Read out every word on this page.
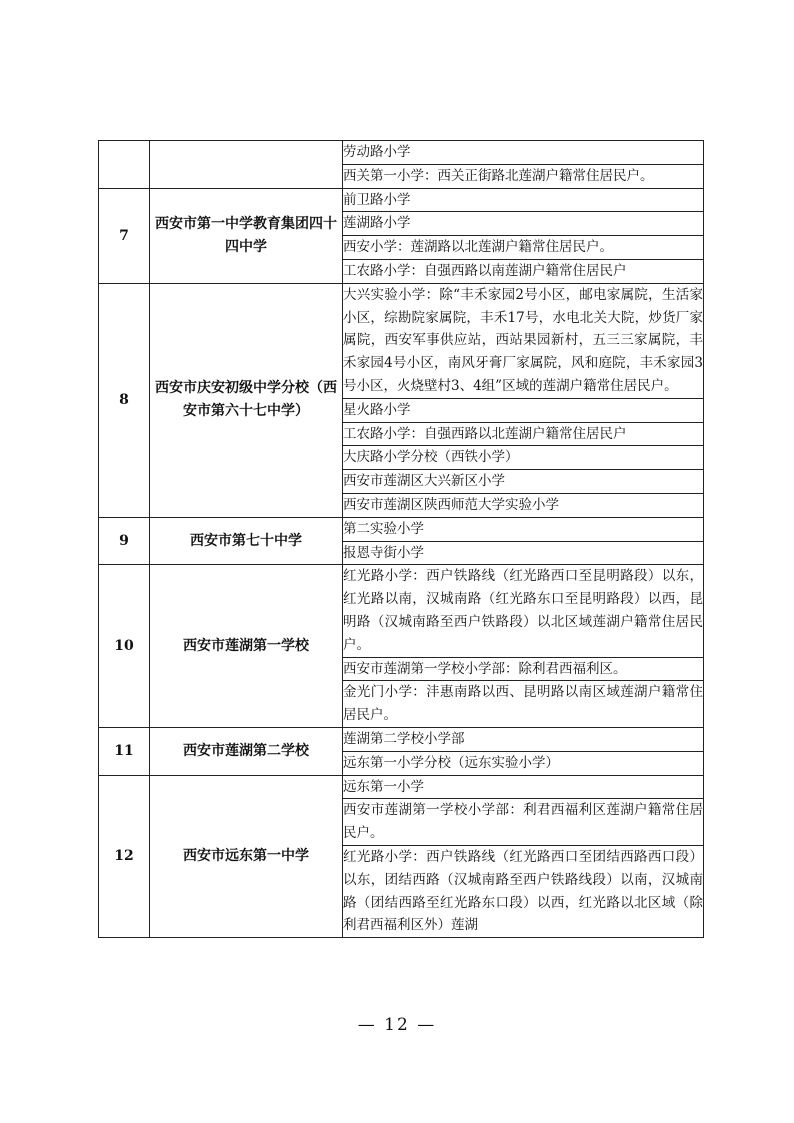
		劳动路小学
		西关第一小学：西关正街路北莲湖户籍常住居民户。
7	西安市第一中学教育集团四十四中学	前卫路小学
		莲湖路小学
		西安小学：莲湖路以北莲湖户籍常住居民户。
		工农路小学：自强西路以南莲湖户籍常住居民户
8	西安市庆安初级中学分校（西安市第六十七中学）	大兴实验小学：除“丰禾家园2号小区，邮电家属院，生活家小区，综勘院家属院，丰禾17号，水电北关大院，炒货厂家属院，西安军事供应站，西站果园新村，五三三家属院，丰禾家园4号小区，南风牙膏厂家属院，风和庭院，丰禾家园3号小区，火烧壁村3、4组”区域的莲湖户籍常住居民户。
		星火路小学
		工农路小学：自强西路以北莲湖户籍常住居民户
		大庆路小学分校（西铁小学）
		西安市莲湖区大兴新区小学
		西安市莲湖区陕西师范大学实验小学
9	西安市第七十中学	第二实验小学
		报恩寺街小学
10	西安市莲湖第一学校	红光路小学：西户铁路线（红光路西口至昆明路段）以东，红光路以南，汉城南路（红光路东口至昆明路段）以西，昆明路（汉城南路至西户铁路段）以北区域莲湖户籍常住居民户。
		西安市莲湖第一学校小学部：除利君西福利区。
		金光门小学：沣惠南路以西、昆明路以南区域莲湖户籍常住居民户。
11	西安市莲湖第二学校	莲湖第二学校小学部
		远东第一小学分校（远东实验小学）
12	西安市远东第一中学	远东第一小学
		西安市莲湖第一学校小学部：利君西福利区莲湖户籍常住居民户。
		红光路小学：西户铁路线（红光路西口至团结西路西口段）以东，团结西路（汉城南路至西户铁路线段）以南，汉城南路（团结西路至红光路东口段）以西，红光路以北区域（除利君西福利区外）莲湖
— 12 —
